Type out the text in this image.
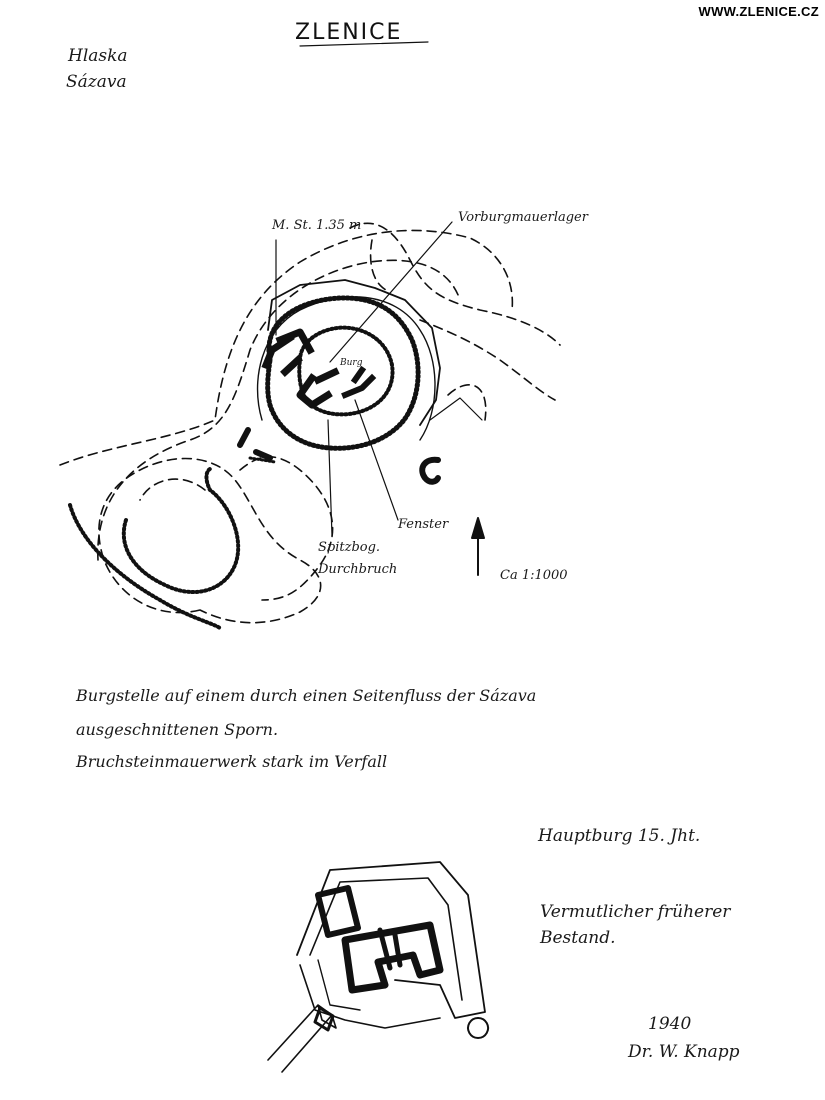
WWW.ZLENICE.CZ
ZLENICE
Hlaska
Sázava
M. St. 1.35 m
Vorburgmauerlager
Burg
Fenster
Spitzbog.
Durchbruch	Ca 1:1000
Burgstelle auf einem durch einen Seitenfluss der Sázava
ausgeschnittenen Sporn.
Bruchsteinmauerwerk stark im Verfall
Hauptburg 15. Jht.
Vermutlicher früherer
Bestand.
1940
Dr. W. Knapp
